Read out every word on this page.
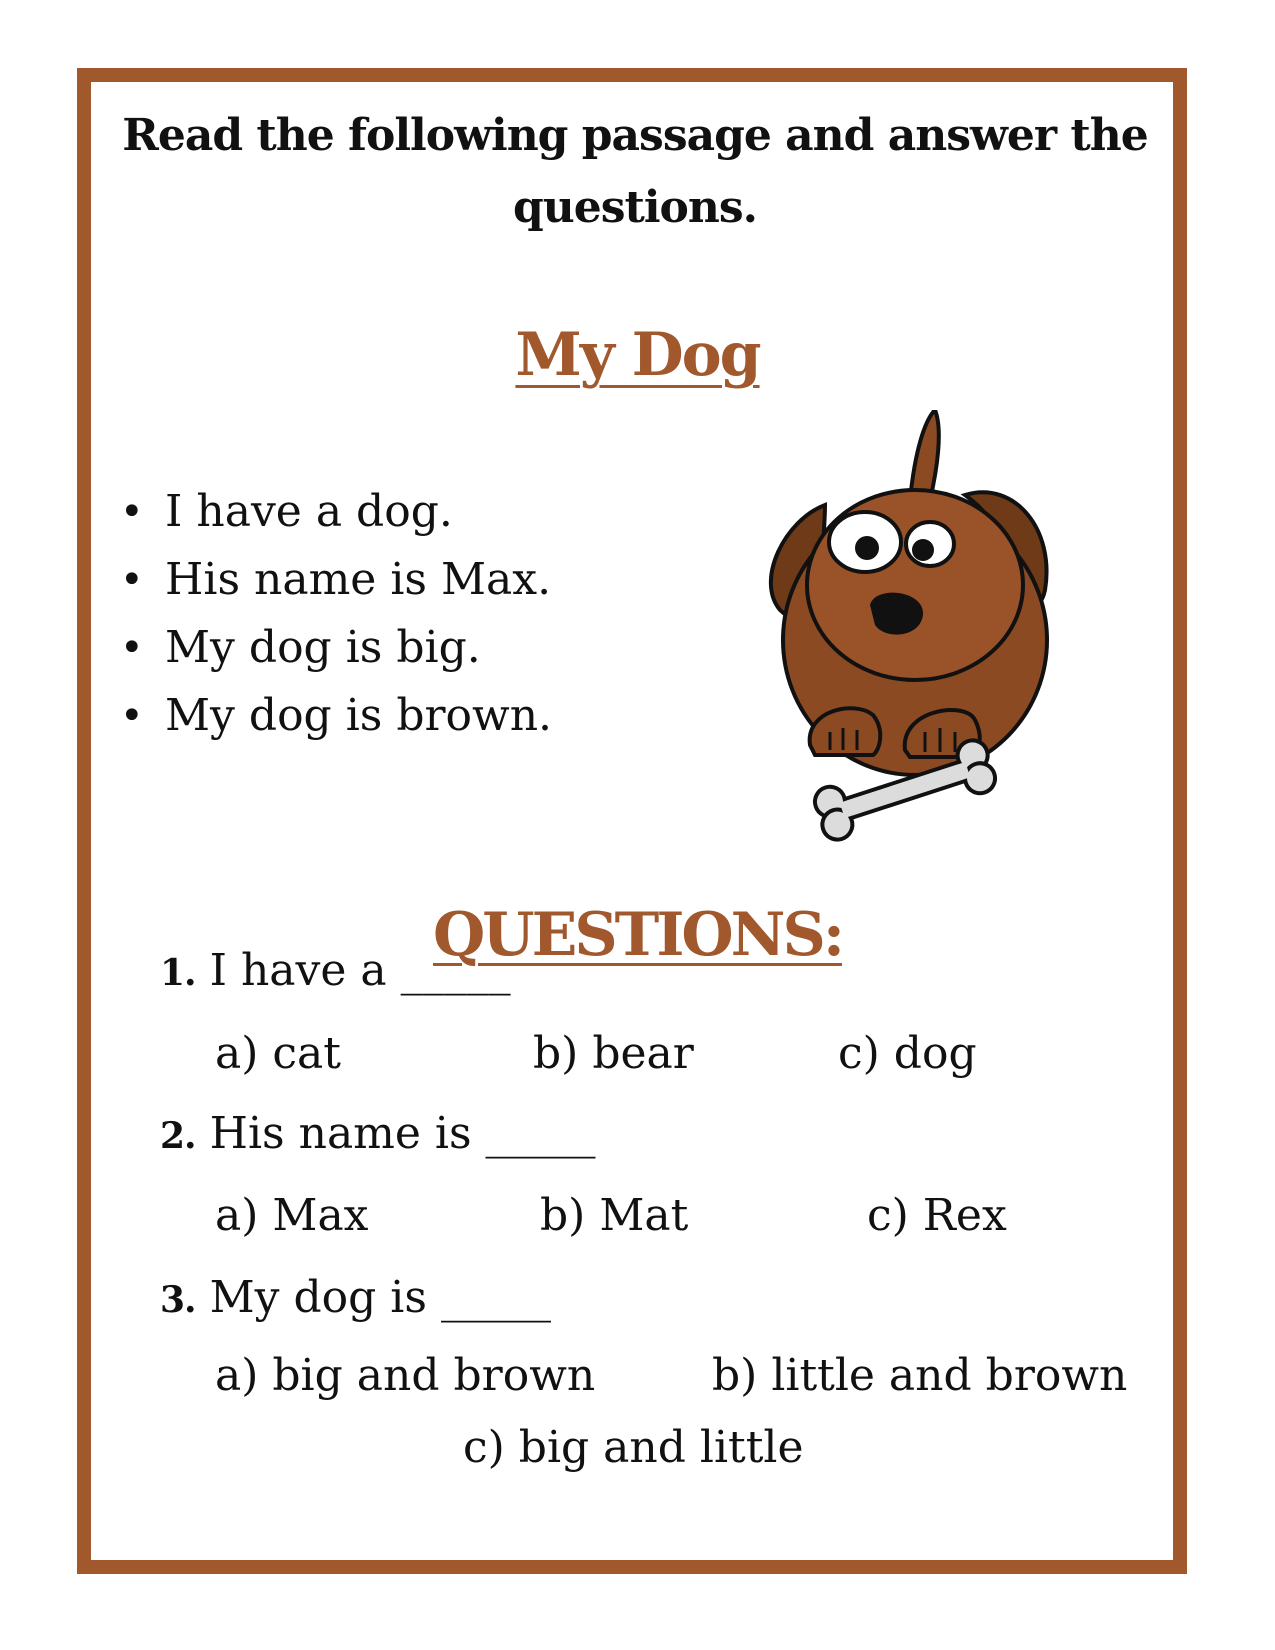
Read the following passage and answer the questions.
My Dog
• I have a dog.
• His name is Max.
• My dog is big.
• My dog is brown.
QUESTIONS:
1. I have a _____
a) cat	b) bear	c) dog
2. His name is _____
a) Max	b) Mat	c) Rex
3. My dog is _____
a) big and brown	b) little and brown
c) big and little
